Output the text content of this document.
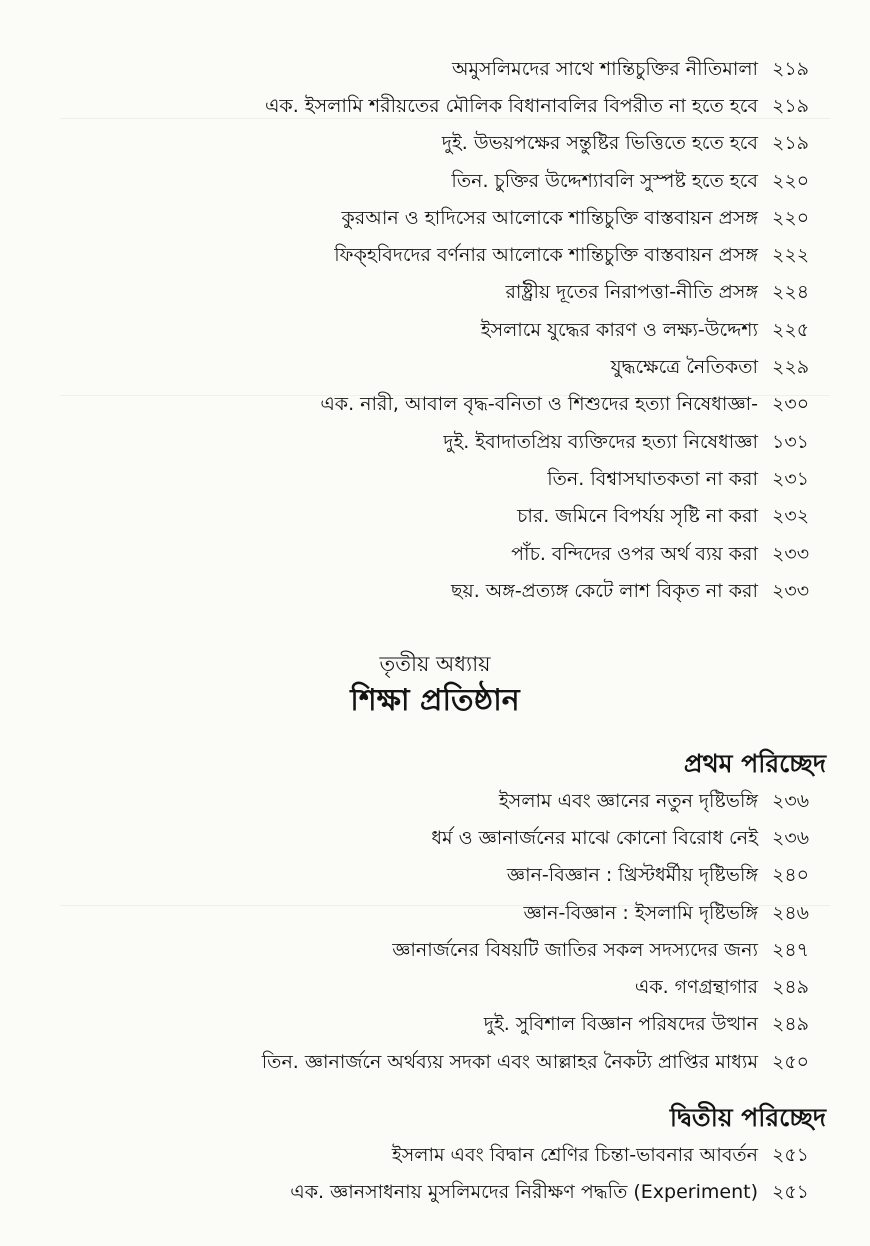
অমুসলিমদের সাথে শান্তিচুক্তির নীতিমালা ২১৯
এক. ইসলামি শরীয়তের মৌলিক বিধানাবলির বিপরীত না হতে হবে ২১৯
দুই. উভয়পক্ষের সন্তুষ্টির ভিত্তিতে হতে হবে ২১৯
তিন. চুক্তির উদ্দেশ্যাবলি সুস্পষ্ট হতে হবে ২২০
কুরআন ও হাদিসের আলোকে শান্তিচুক্তি বাস্তবায়ন প্রসঙ্গ ২২০
ফিক্‌হবিদদের বর্ণনার আলোকে শান্তিচুক্তি বাস্তবায়ন প্রসঙ্গ ২২২
রাষ্ট্রীয় দূতের নিরাপত্তা-নীতি প্রসঙ্গ ২২৪
ইসলামে যুদ্ধের কারণ ও লক্ষ্য-উদ্দেশ্য ২২৫
যুদ্ধক্ষেত্রে নৈতিকতা ২২৯
এক. নারী, আবাল বৃদ্ধ-বনিতা ও শিশুদের হত্যা নিষেধাজ্ঞা- ২৩০
দুই. ইবাদাতপ্রিয় ব্যক্তিদের হত্যা নিষেধাজ্ঞা ১৩১
তিন. বিশ্বাসঘাতকতা না করা ২৩১
চার. জমিনে বিপর্যয় সৃষ্টি না করা ২৩২
পাঁচ. বন্দিদের ওপর অর্থ ব্যয় করা ২৩৩
ছয়. অঙ্গ-প্রত্যঙ্গ কেটে লাশ বিকৃত না করা ২৩৩
তৃতীয় অধ্যায়
শিক্ষা প্রতিষ্ঠান
প্রথম পরিচ্ছেদ
ইসলাম এবং জ্ঞানের নতুন দৃষ্টিভঙ্গি ২৩৬
ধর্ম ও জ্ঞানার্জনের মাঝে কোনো বিরোধ নেই ২৩৬
জ্ঞান-বিজ্ঞান : খ্রিস্টধর্মীয় দৃষ্টিভঙ্গি ২৪০
জ্ঞান-বিজ্ঞান : ইসলামি দৃষ্টিভঙ্গি ২৪৬
জ্ঞানার্জনের বিষয়টি জাতির সকল সদস্যদের জন্য ২৪৭
এক. গণগ্রন্থাগার ২৪৯
দুই. সুবিশাল বিজ্ঞান পরিষদের উত্থান ২৪৯
তিন. জ্ঞানার্জনে অর্থব্যয় সদকা এবং আল্লাহর নৈকট্য প্রাপ্তির মাধ্যম ২৫০
দ্বিতীয় পরিচ্ছেদ
ইসলাম এবং বিদ্বান শ্রেণির চিন্তা-ভাবনার আবর্তন ২৫১
এক. জ্ঞানসাধনায় মুসলিমদের নিরীক্ষণ পদ্ধতি (Experiment) ২৫১
